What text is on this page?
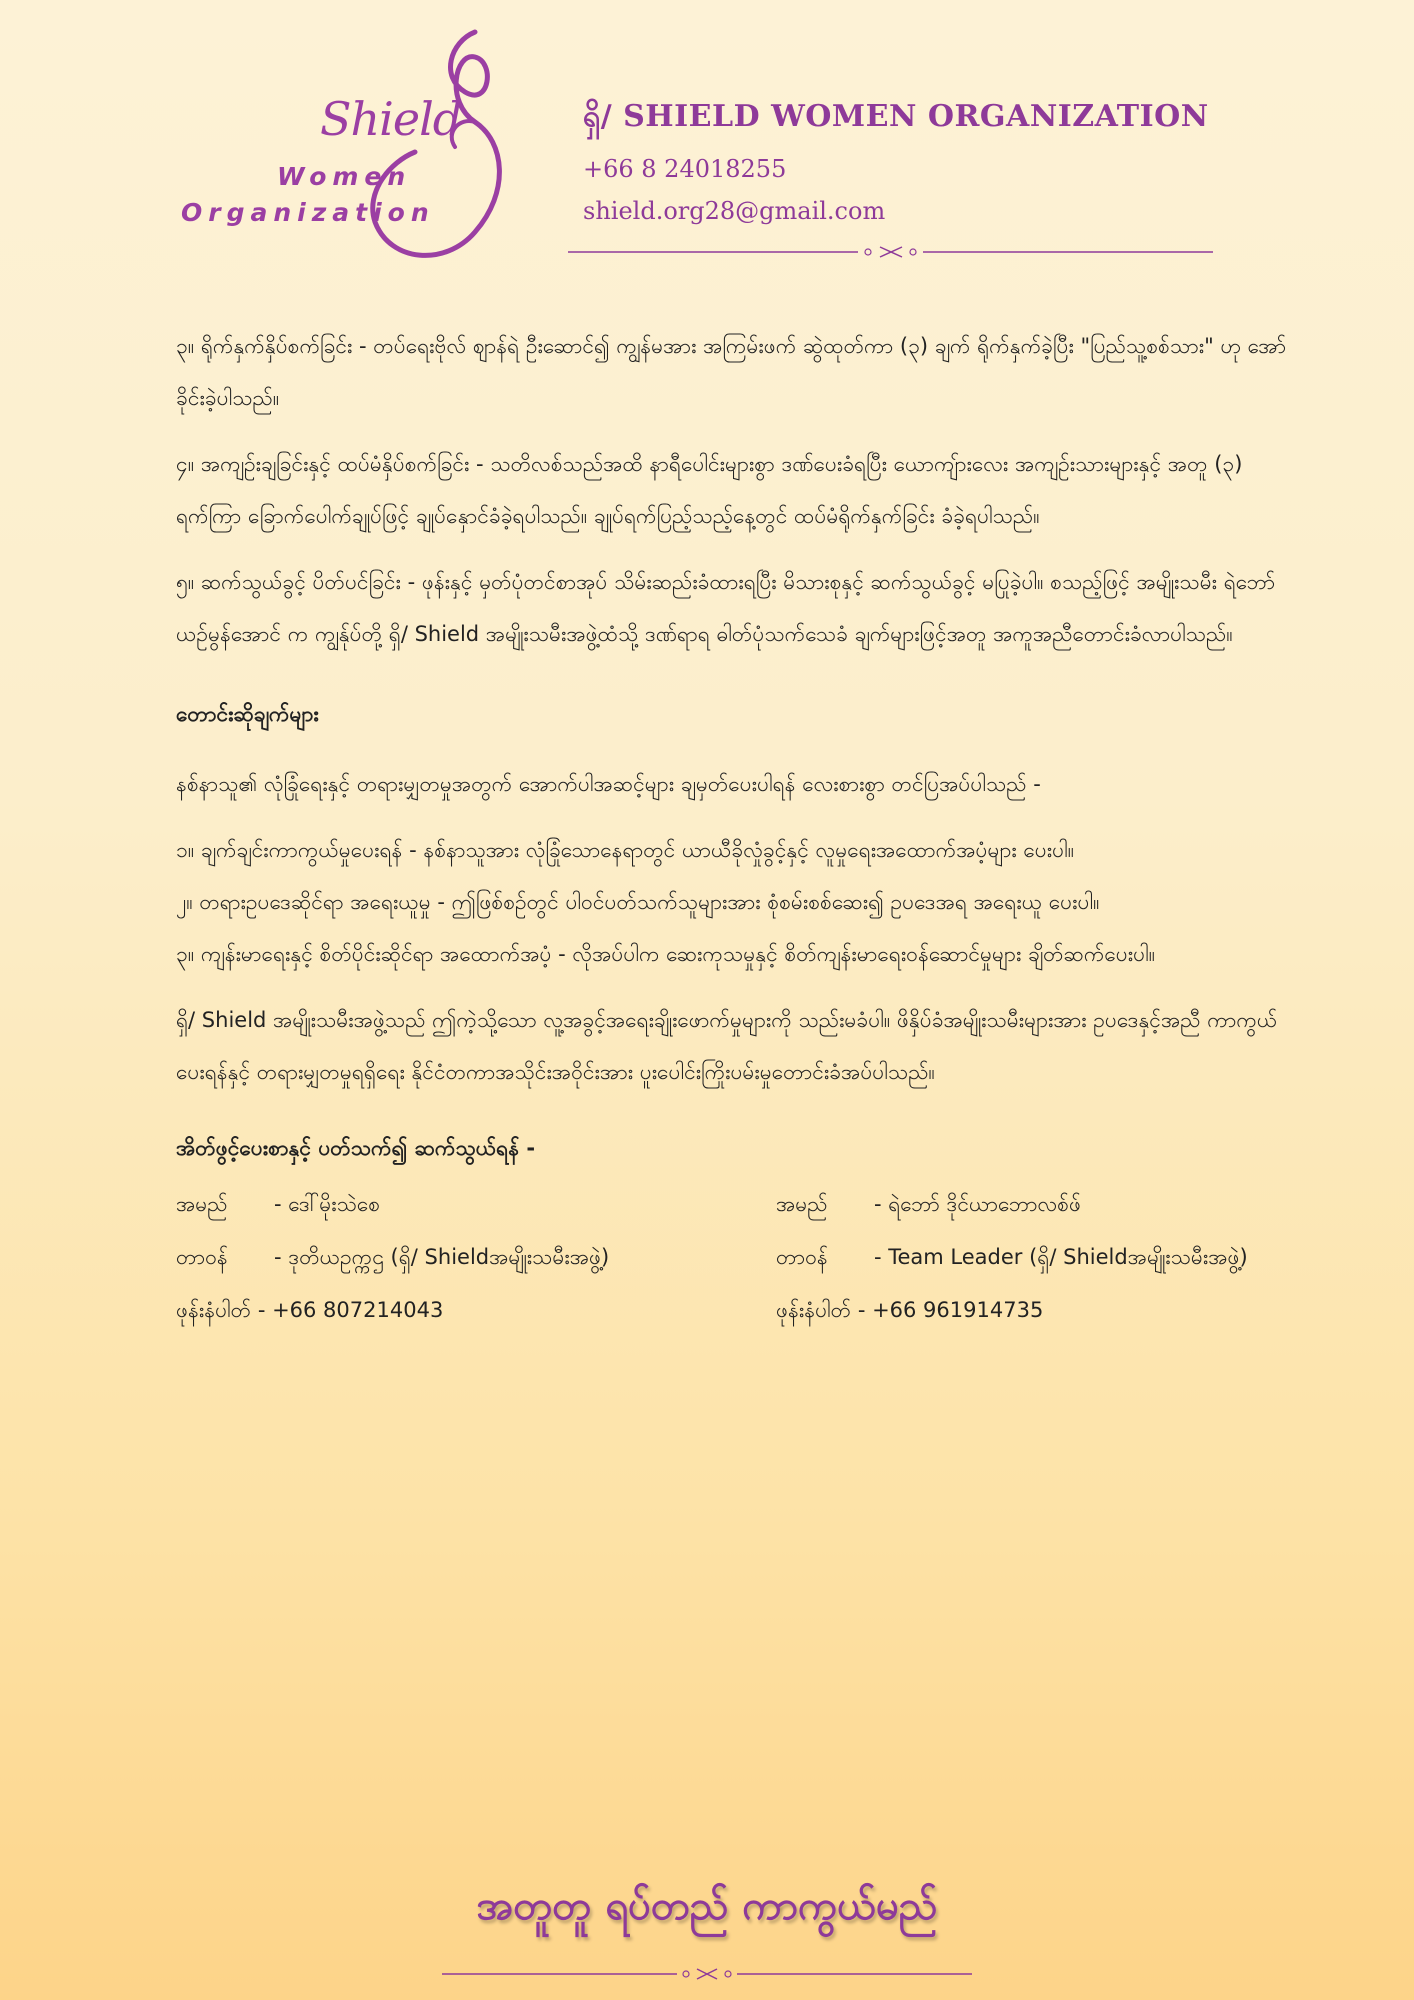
Shield
Women
Organization
ရှိ/ SHIELD WOMEN ORGANIZATION
+66 8 24018255
shield.org28@gmail.com

၃။ ရိုက်နှက်နှိပ်စက်ခြင်း - တပ်ရေးဗိုလ် ဈာန်ရဲ ဦးဆောင်၍ ကျွန်မအား အကြမ်းဖက် ဆွဲထုတ်ကာ (၃) ချက် ရိုက်နှက်ခဲ့ပြီး "ပြည်သူ့စစ်သား" ဟု အော်ခိုင်းခဲ့ပါသည်။

၄။ အကျဉ်းချခြင်းနှင့် ထပ်မံနှိပ်စက်ခြင်း - သတိလစ်သည်အထိ နာရီပေါင်းများစွာ ဒဏ်ပေးခံရပြီး ယောကျ်ားလေး အကျဉ်းသားများနှင့် အတူ (၃) ရက်ကြာ ခြောက်ပေါက်ချုပ်ဖြင့် ချုပ်နှောင်ခံခဲ့ရပါသည်။ ချုပ်ရက်ပြည့်သည့်နေ့တွင် ထပ်မံရိုက်နှက်ခြင်း ခံခဲ့ရပါသည်။

၅။ ဆက်သွယ်ခွင့် ပိတ်ပင်ခြင်း - ဖုန်းနှင့် မှတ်ပုံတင်စာအုပ် သိမ်းဆည်းခံထားရပြီး မိသားစုနှင့် ဆက်သွယ်ခွင့် မပြုခဲ့ပါ။ စသည့်ဖြင့် အမျိုးသမီး ရဲဘော် ယဉ်မွန်အောင် က ကျွန်ုပ်တို့ ရှိ/ Shield အမျိုးသမီးအဖွဲ့ထံသို့ ဒဏ်ရာရ ဓါတ်ပုံသက်သေခံ ချက်များဖြင့်အတူ အကူအညီတောင်းခံလာပါသည်။

တောင်းဆိုချက်များ

နစ်နာသူ၏ လုံခြုံရေးနှင့် တရားမျှတမှုအတွက် အောက်ပါအဆင့်များ ချမှတ်ပေးပါရန် လေးစားစွာ တင်ပြအပ်ပါသည် -

၁။ ချက်ချင်းကာကွယ်မှုပေးရန် - နစ်နာသူအား လုံခြုံသောနေရာတွင် ယာယီခိုလှုံခွင့်နှင့် လူမှုရေးအထောက်အပံ့များ ပေးပါ။

၂။ တရားဥပဒေဆိုင်ရာ အရေးယူမှု - ဤဖြစ်စဉ်တွင် ပါဝင်ပတ်သက်သူများအား စုံစမ်းစစ်ဆေး၍ ဥပဒေအရ အရေးယူ ပေးပါ။

၃။ ကျန်းမာရေးနှင့် စိတ်ပိုင်းဆိုင်ရာ အထောက်အပံ့ - လိုအပ်ပါက ဆေးကုသမှုနှင့် စိတ်ကျန်းမာရေးဝန်ဆောင်မှုများ ချိတ်ဆက်ပေးပါ။

ရှိ/ Shield အမျိုးသမီးအဖွဲ့သည် ဤကဲ့သို့သော လူ့အခွင့်အရေးချိုးဖောက်မှုများကို သည်းမခံပါ။ ဖိနှိပ်ခံအမျိုးသမီးများအား ဥပဒေနှင့်အညီ ကာကွယ်ပေးရန်နှင့် တရားမျှတမှုရရှိရေး နိုင်ငံတကာအသိုင်းအဝိုင်းအား ပူးပေါင်းကြိုးပမ်းမှုတောင်းခံအပ်ပါသည်။

အိတ်ဖွင့်ပေးစာနှင့် ပတ်သက်၍ ဆက်သွယ်ရန် -
အမည်	- ဒေါ်မိုးသဲစေ
တာဝန်	- ဒုတိယဥက္ကဌ (ရှိ/ Shieldအမျိုးသမီးအဖွဲ့)
ဖုန်းနံပါတ်
- +66 807214043
အမည်	- ရဲဘော် ဒိုင်ယာဘောလစ်ဖ်
တာဝန်	- Team Leader (ရှိ/ Shieldအမျိုးသမီးအဖွဲ့)
ဖုန်းနံပါတ်
- +66 961914735
အတူတူ ရပ်တည် ကာကွယ်မည်
